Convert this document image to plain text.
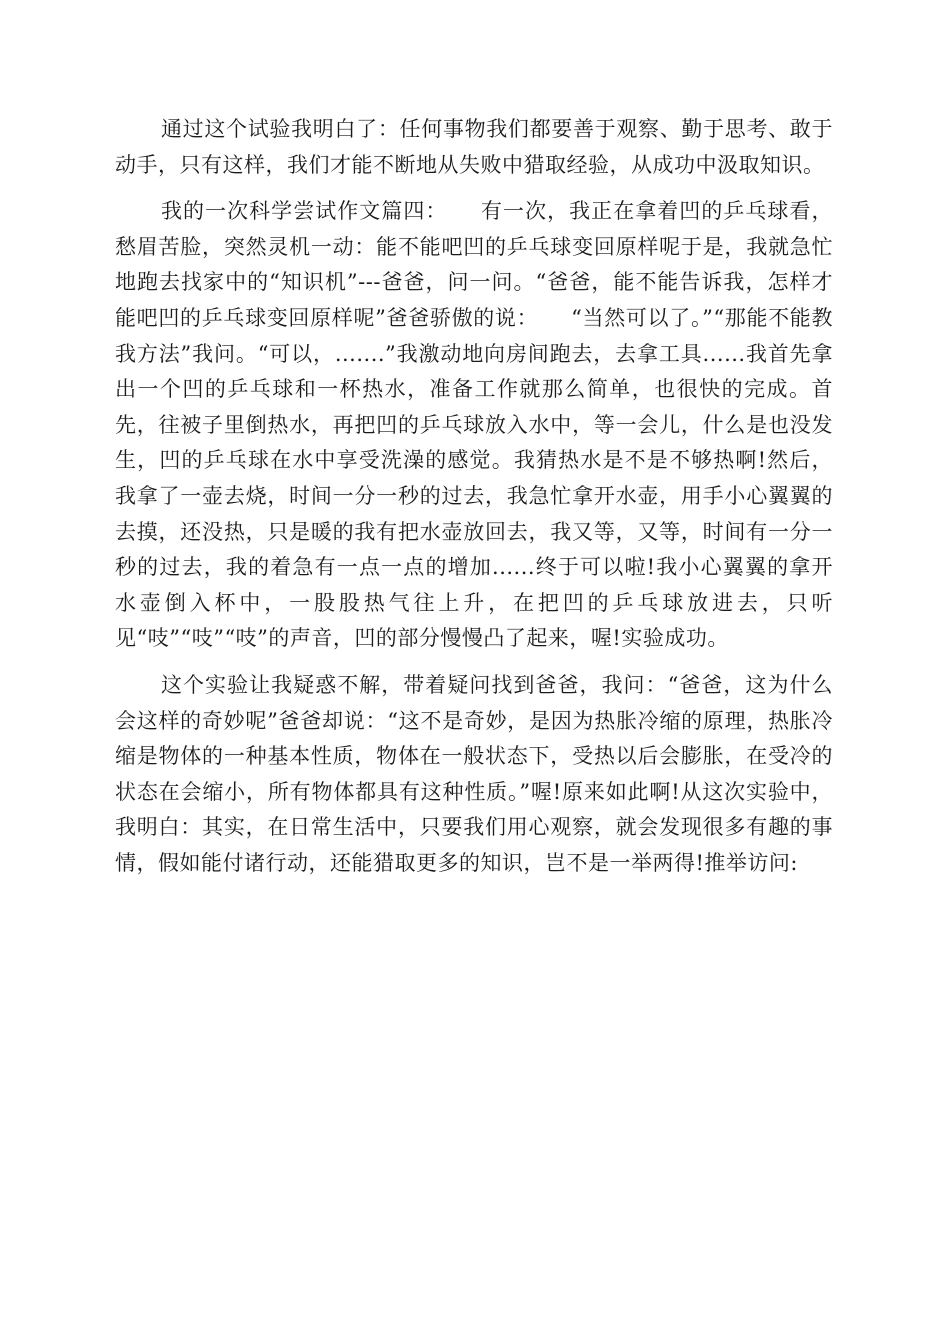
通过这个试验我明白了：任何事物我们都要善于观察、勤于思考、敢于动手，只有这样，我们才能不断地从失败中猎取经验，从成功中汲取知识。

我的一次科学尝试作文篇四：　　有一次，我正在拿着凹的乒乓球看，愁眉苦脸，突然灵机一动：能不能吧凹的乒乓球变回原样呢于是，我就急忙地跑去找家中的“知识机”---爸爸，问一问。“爸爸，能不能告诉我，怎样才能吧凹的乒乓球变回原样呢”爸爸骄傲的说：　　“当然可以了。”“那能不能教我方法”我问。“可以，.......”我激动地向房间跑去，去拿工具......我首先拿出一个凹的乒乓球和一杯热水，准备工作就那么简单，也很快的完成。首先，往被子里倒热水，再把凹的乒乓球放入水中，等一会儿，什么是也没发生，凹的乒乓球在水中享受洗澡的感觉。我猜热水是不是不够热啊!然后，我拿了一壶去烧，时间一分一秒的过去，我急忙拿开水壶，用手小心翼翼的去摸，还没热，只是暖的我有把水壶放回去，我又等，又等，时间有一分一秒的过去，我的着急有一点一点的增加......终于可以啦!我小心翼翼的拿开水壶倒入杯中，一股股热气往上升，在把凹的乒乓球放进去，只听见“吱”“吱”“吱”的声音，凹的部分慢慢凸了起来，喔!实验成功。

这个实验让我疑惑不解，带着疑问找到爸爸，我问：“爸爸，这为什么会这样的奇妙呢”爸爸却说：“这不是奇妙，是因为热胀冷缩的原理，热胀冷缩是物体的一种基本性质，物体在一般状态下，受热以后会膨胀，在受冷的状态在会缩小，所有物体都具有这种性质。”喔!原来如此啊!从这次实验中，我明白：其实，在日常生活中，只要我们用心观察，就会发现很多有趣的事情，假如能付诸行动，还能猎取更多的知识，岂不是一举两得!推举访问:
